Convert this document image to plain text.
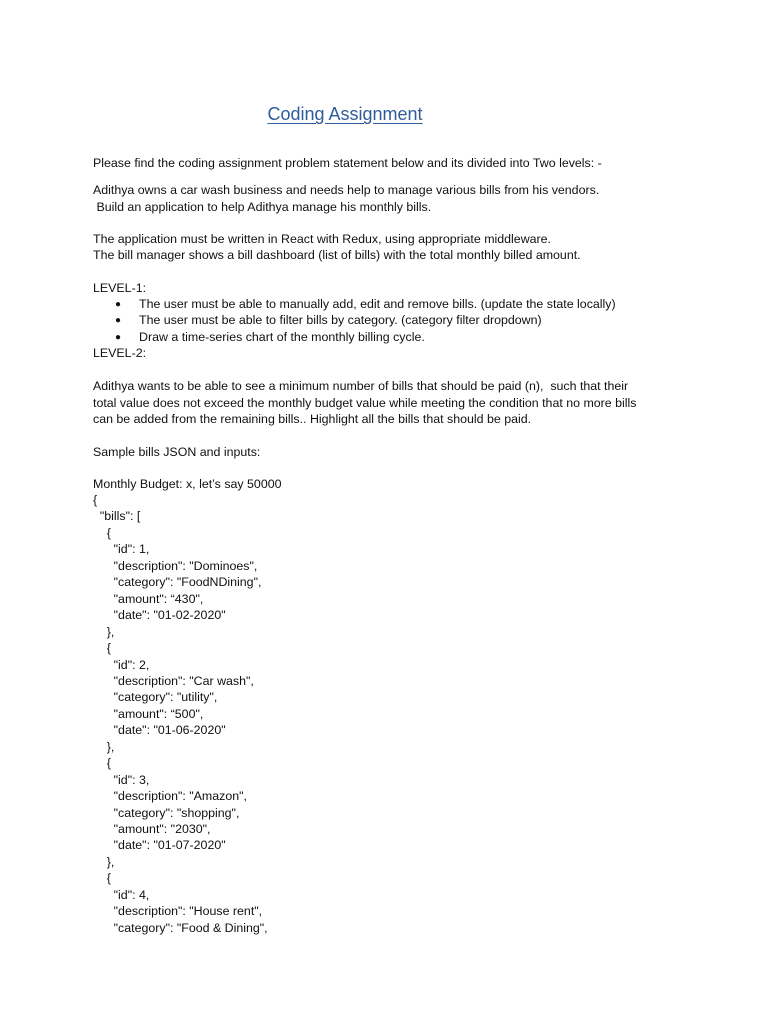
Coding Assignment
Please find the coding assignment problem statement below and its divided into Two levels: -
Adithya owns a car wash business and needs help to manage various bills from his vendors.
Build an application to help Adithya manage his monthly bills.
The application must be written in React with Redux, using appropriate middleware.
The bill manager shows a bill dashboard (list of bills) with the total monthly billed amount.
LEVEL-1:
● The user must be able to manually add, edit and remove bills. (update the state locally)
● The user must be able to filter bills by category. (category filter dropdown)
● Draw a time-series chart of the monthly billing cycle.
LEVEL-2:
Adithya wants to be able to see a minimum number of bills that should be paid (n),  such that their
total value does not exceed the monthly budget value while meeting the condition that no more bills
can be added from the remaining bills.. Highlight all the bills that should be paid.
Sample bills JSON and inputs:
Monthly Budget: x, let’s say 50000
{
"bills": [
{
"id": 1,
"description": "Dominoes",
"category": "FoodNDining",
"amount": “430",
"date": "01-02-2020"
},
{
"id": 2,
"description": "Car wash",
"category": "utility",
"amount": “500",
"date": "01-06-2020"
},
{
"id": 3,
"description": "Amazon",
"category": "shopping",
"amount": "2030",
"date": "01-07-2020"
},
{
"id": 4,
"description": "House rent",
"category": "Food & Dining",
